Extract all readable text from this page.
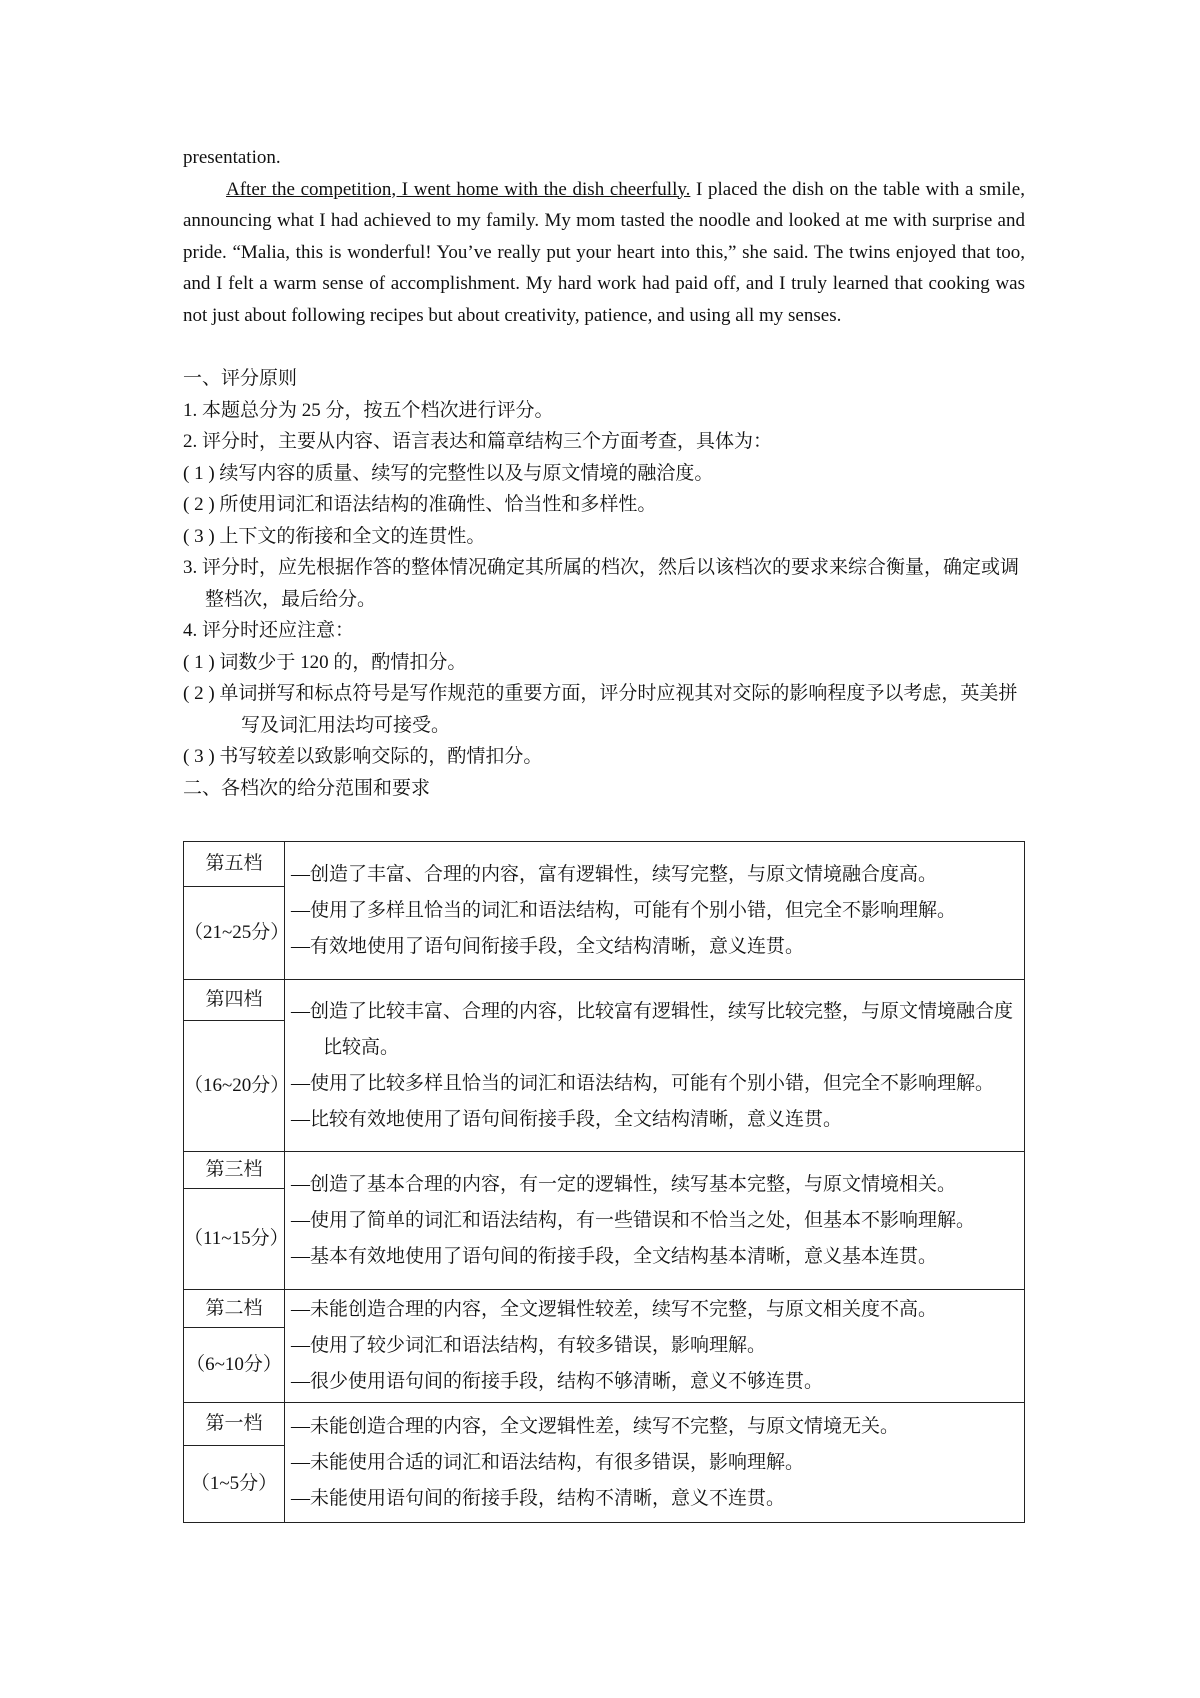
presentation.

After the competition, I went home with the dish cheerfully. I placed the dish on the table with a smile, announcing what I had achieved to my family. My mom tasted the noodle and looked at me with surprise and pride. “Malia, this is wonderful! You’ve really put your heart into this,” she said. The twins enjoyed that too, and I felt a warm sense of accomplishment. My hard work had paid off, and I truly learned that cooking was not just about following recipes but about creativity, patience, and using all my senses.

一、评分原则

1. 本题总分为 25 分，按五个档次进行评分。

2. 评分时，主要从内容、语言表达和篇章结构三个方面考查，具体为：

( 1 ) 续写内容的质量、续写的完整性以及与原文情境的融洽度。

( 2 ) 所使用词汇和语法结构的准确性、恰当性和多样性。

( 3 ) 上下文的衔接和全文的连贯性。

3. 评分时，应先根据作答的整体情况确定其所属的档次，然后以该档次的要求来综合衡量，确定或调整档次，最后给分。

4. 评分时还应注意：

( 1 ) 词数少于 120 的，酌情扣分。

( 2 ) 单词拼写和标点符号是写作规范的重要方面，评分时应视其对交际的影响程度予以考虑，英美拼写及词汇用法均可接受。

( 3 ) 书写较差以致影响交际的，酌情扣分。

二、各档次的给分范围和要求

第五档	—创造了丰富、合理的内容，富有逻辑性，续写完整，与原文情境融合度高。

—使用了多样且恰当的词汇和语法结构，可能有个别小错，但完全不影响理解。

—有效地使用了语句间衔接手段，全文结构清晰，意义连贯。

（21~25分）	
第四档	—创造了比较丰富、合理的内容，比较富有逻辑性，续写比较完整，与原文情境融合度比较高。

—使用了比较多样且恰当的词汇和语法结构，可能有个别小错，但完全不影响理解。

—比较有效地使用了语句间衔接手段，全文结构清晰，意义连贯。

（16~20分）	
第三档	—创造了基本合理的内容，有一定的逻辑性，续写基本完整，与原文情境相关。

—使用了简单的词汇和语法结构，有一些错误和不恰当之处，但基本不影响理解。

—基本有效地使用了语句间的衔接手段，全文结构基本清晰，意义基本连贯。

（11~15分）	
第二档	—未能创造合理的内容，全文逻辑性较差，续写不完整，与原文相关度不高。

—使用了较少词汇和语法结构，有较多错误，影响理解。

—很少使用语句间的衔接手段，结构不够清晰，意义不够连贯。

（6~10分）	
第一档	—未能创造合理的内容，全文逻辑性差，续写不完整，与原文情境无关。

—未能使用合适的词汇和语法结构，有很多错误，影响理解。

—未能使用语句间的衔接手段，结构不清晰，意义不连贯。

（1~5分）	
